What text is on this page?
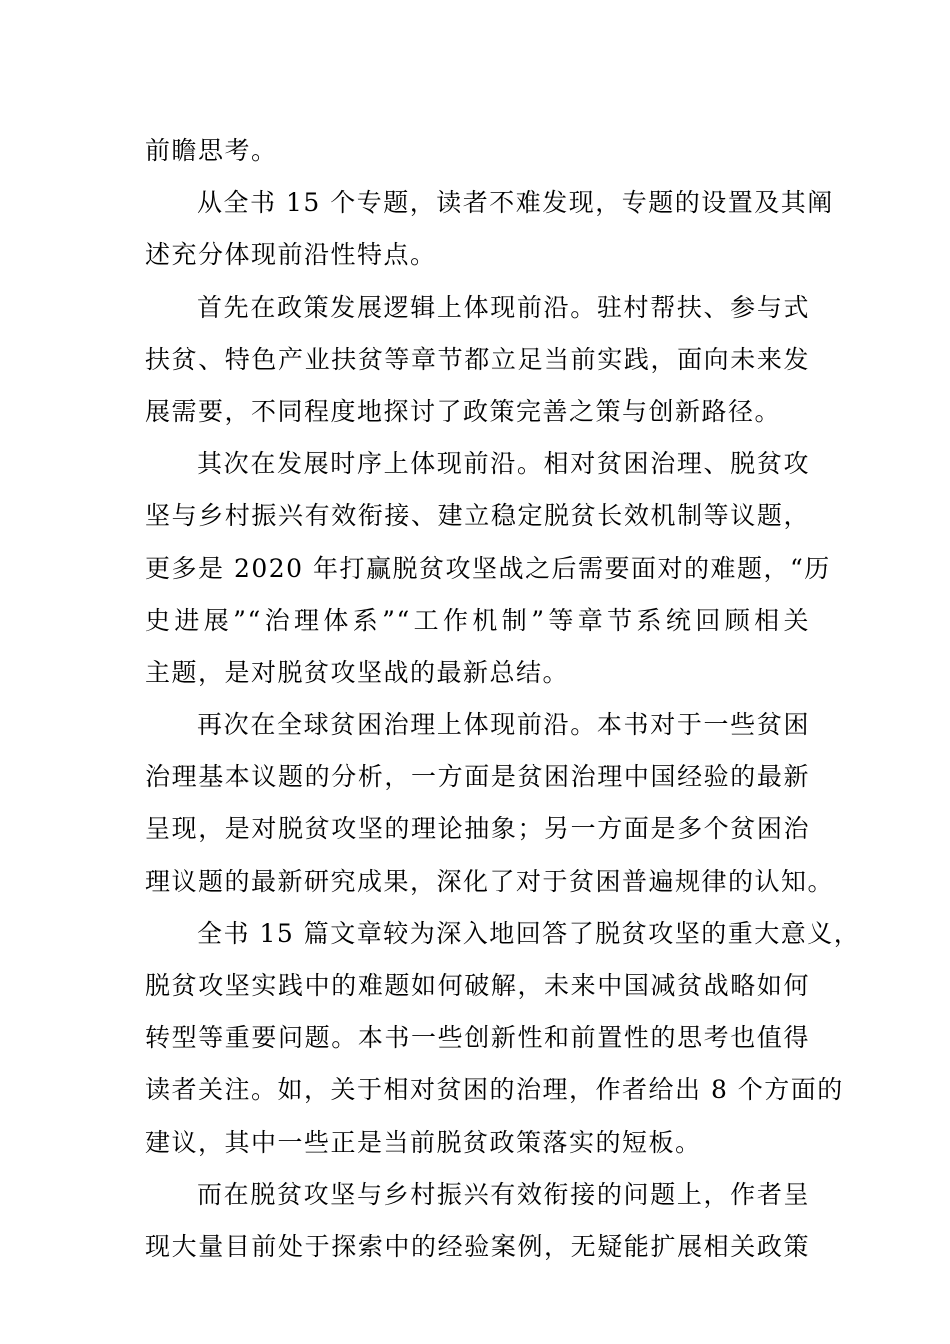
前瞻思考。
从全书 15 个专题，读者不难发现，专题的设置及其阐
述充分体现前沿性特点。
首先在政策发展逻辑上体现前沿。驻村帮扶、参与式
扶贫、特色产业扶贫等章节都立足当前实践，面向未来发
展需要，不同程度地探讨了政策完善之策与创新路径。
其次在发展时序上体现前沿。相对贫困治理、脱贫攻
坚与乡村振兴有效衔接、建立稳定脱贫长效机制等议题，
更多是 2020 年打赢脱贫攻坚战之后需要面对的难题，“历
史进展”“治理体系”“工作机制”等章节系统回顾相关
主题，是对脱贫攻坚战的最新总结。
再次在全球贫困治理上体现前沿。本书对于一些贫困
治理基本议题的分析，一方面是贫困治理中国经验的最新
呈现，是对脱贫攻坚的理论抽象；另一方面是多个贫困治
理议题的最新研究成果，深化了对于贫困普遍规律的认知。
全书 15 篇文章较为深入地回答了脱贫攻坚的重大意义，
脱贫攻坚实践中的难题如何破解，未来中国减贫战略如何
转型等重要问题。本书一些创新性和前置性的思考也值得
读者关注。如，关于相对贫困的治理，作者给出 8 个方面的
建议，其中一些正是当前脱贫政策落实的短板。
而在脱贫攻坚与乡村振兴有效衔接的问题上，作者呈
现大量目前处于探索中的经验案例，无疑能扩展相关政策
